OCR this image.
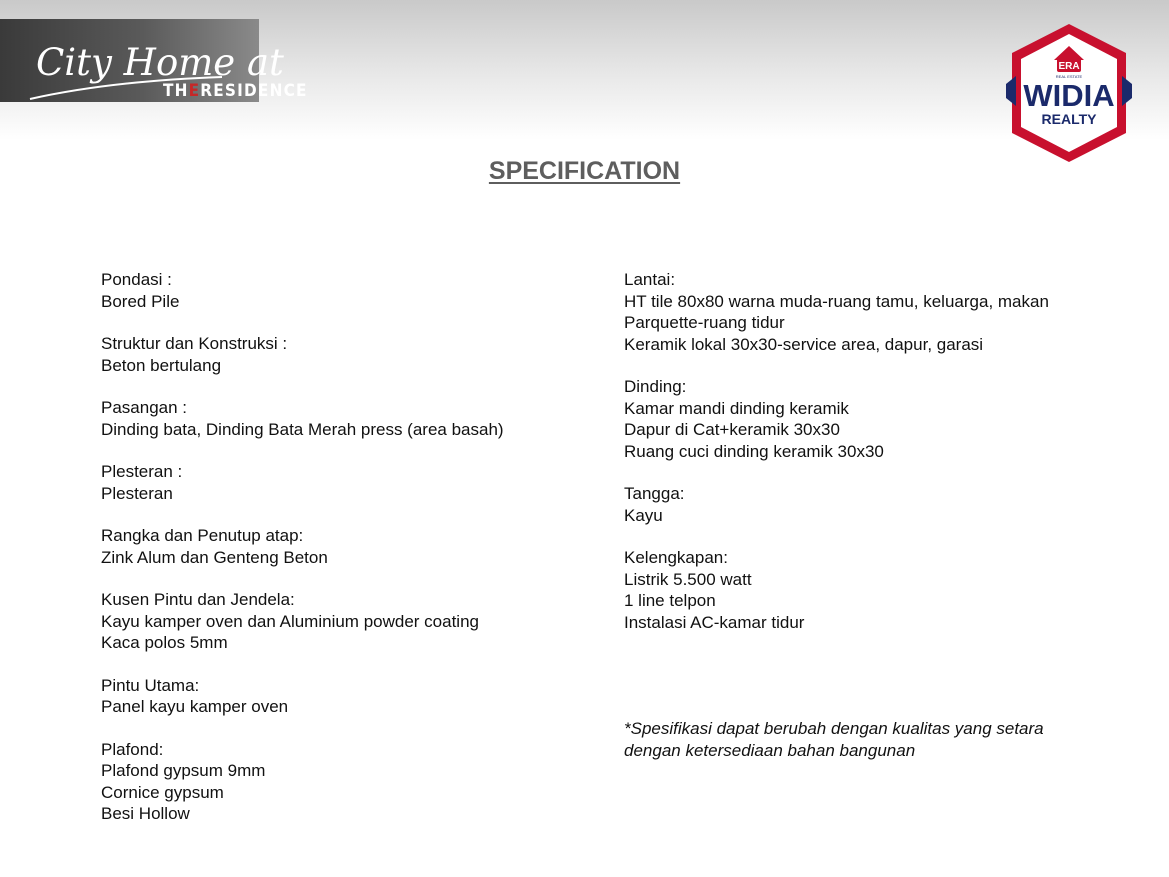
City Home at
THERESIDENCE
ERA
REAL ESTATE
WIDIA
REALTY
SPECIFICATION
Pondasi :
Bored Pile
Struktur dan Konstruksi :
Beton bertulang
Pasangan :
Dinding bata, Dinding Bata Merah press (area basah)
Plesteran :
Plesteran
Rangka dan Penutup atap:
Zink Alum dan Genteng Beton
Kusen Pintu dan Jendela:
Kayu kamper oven dan Aluminium powder coating
Kaca polos 5mm
Pintu Utama:
Panel kayu kamper oven
Plafond:
Plafond gypsum 9mm
Cornice gypsum
Besi Hollow
Lantai:
HT tile 80x80 warna muda-ruang tamu, keluarga, makan
Parquette-ruang tidur
Keramik lokal 30x30-service area, dapur, garasi
Dinding:
Kamar mandi dinding keramik
Dapur di Cat+keramik 30x30
Ruang cuci dinding keramik 30x30
Tangga:
Kayu
Kelengkapan:
Listrik 5.500 watt
1 line telpon
Instalasi AC-kamar tidur
*Spesifikasi dapat berubah dengan kualitas yang setara
dengan ketersediaan bahan bangunan
